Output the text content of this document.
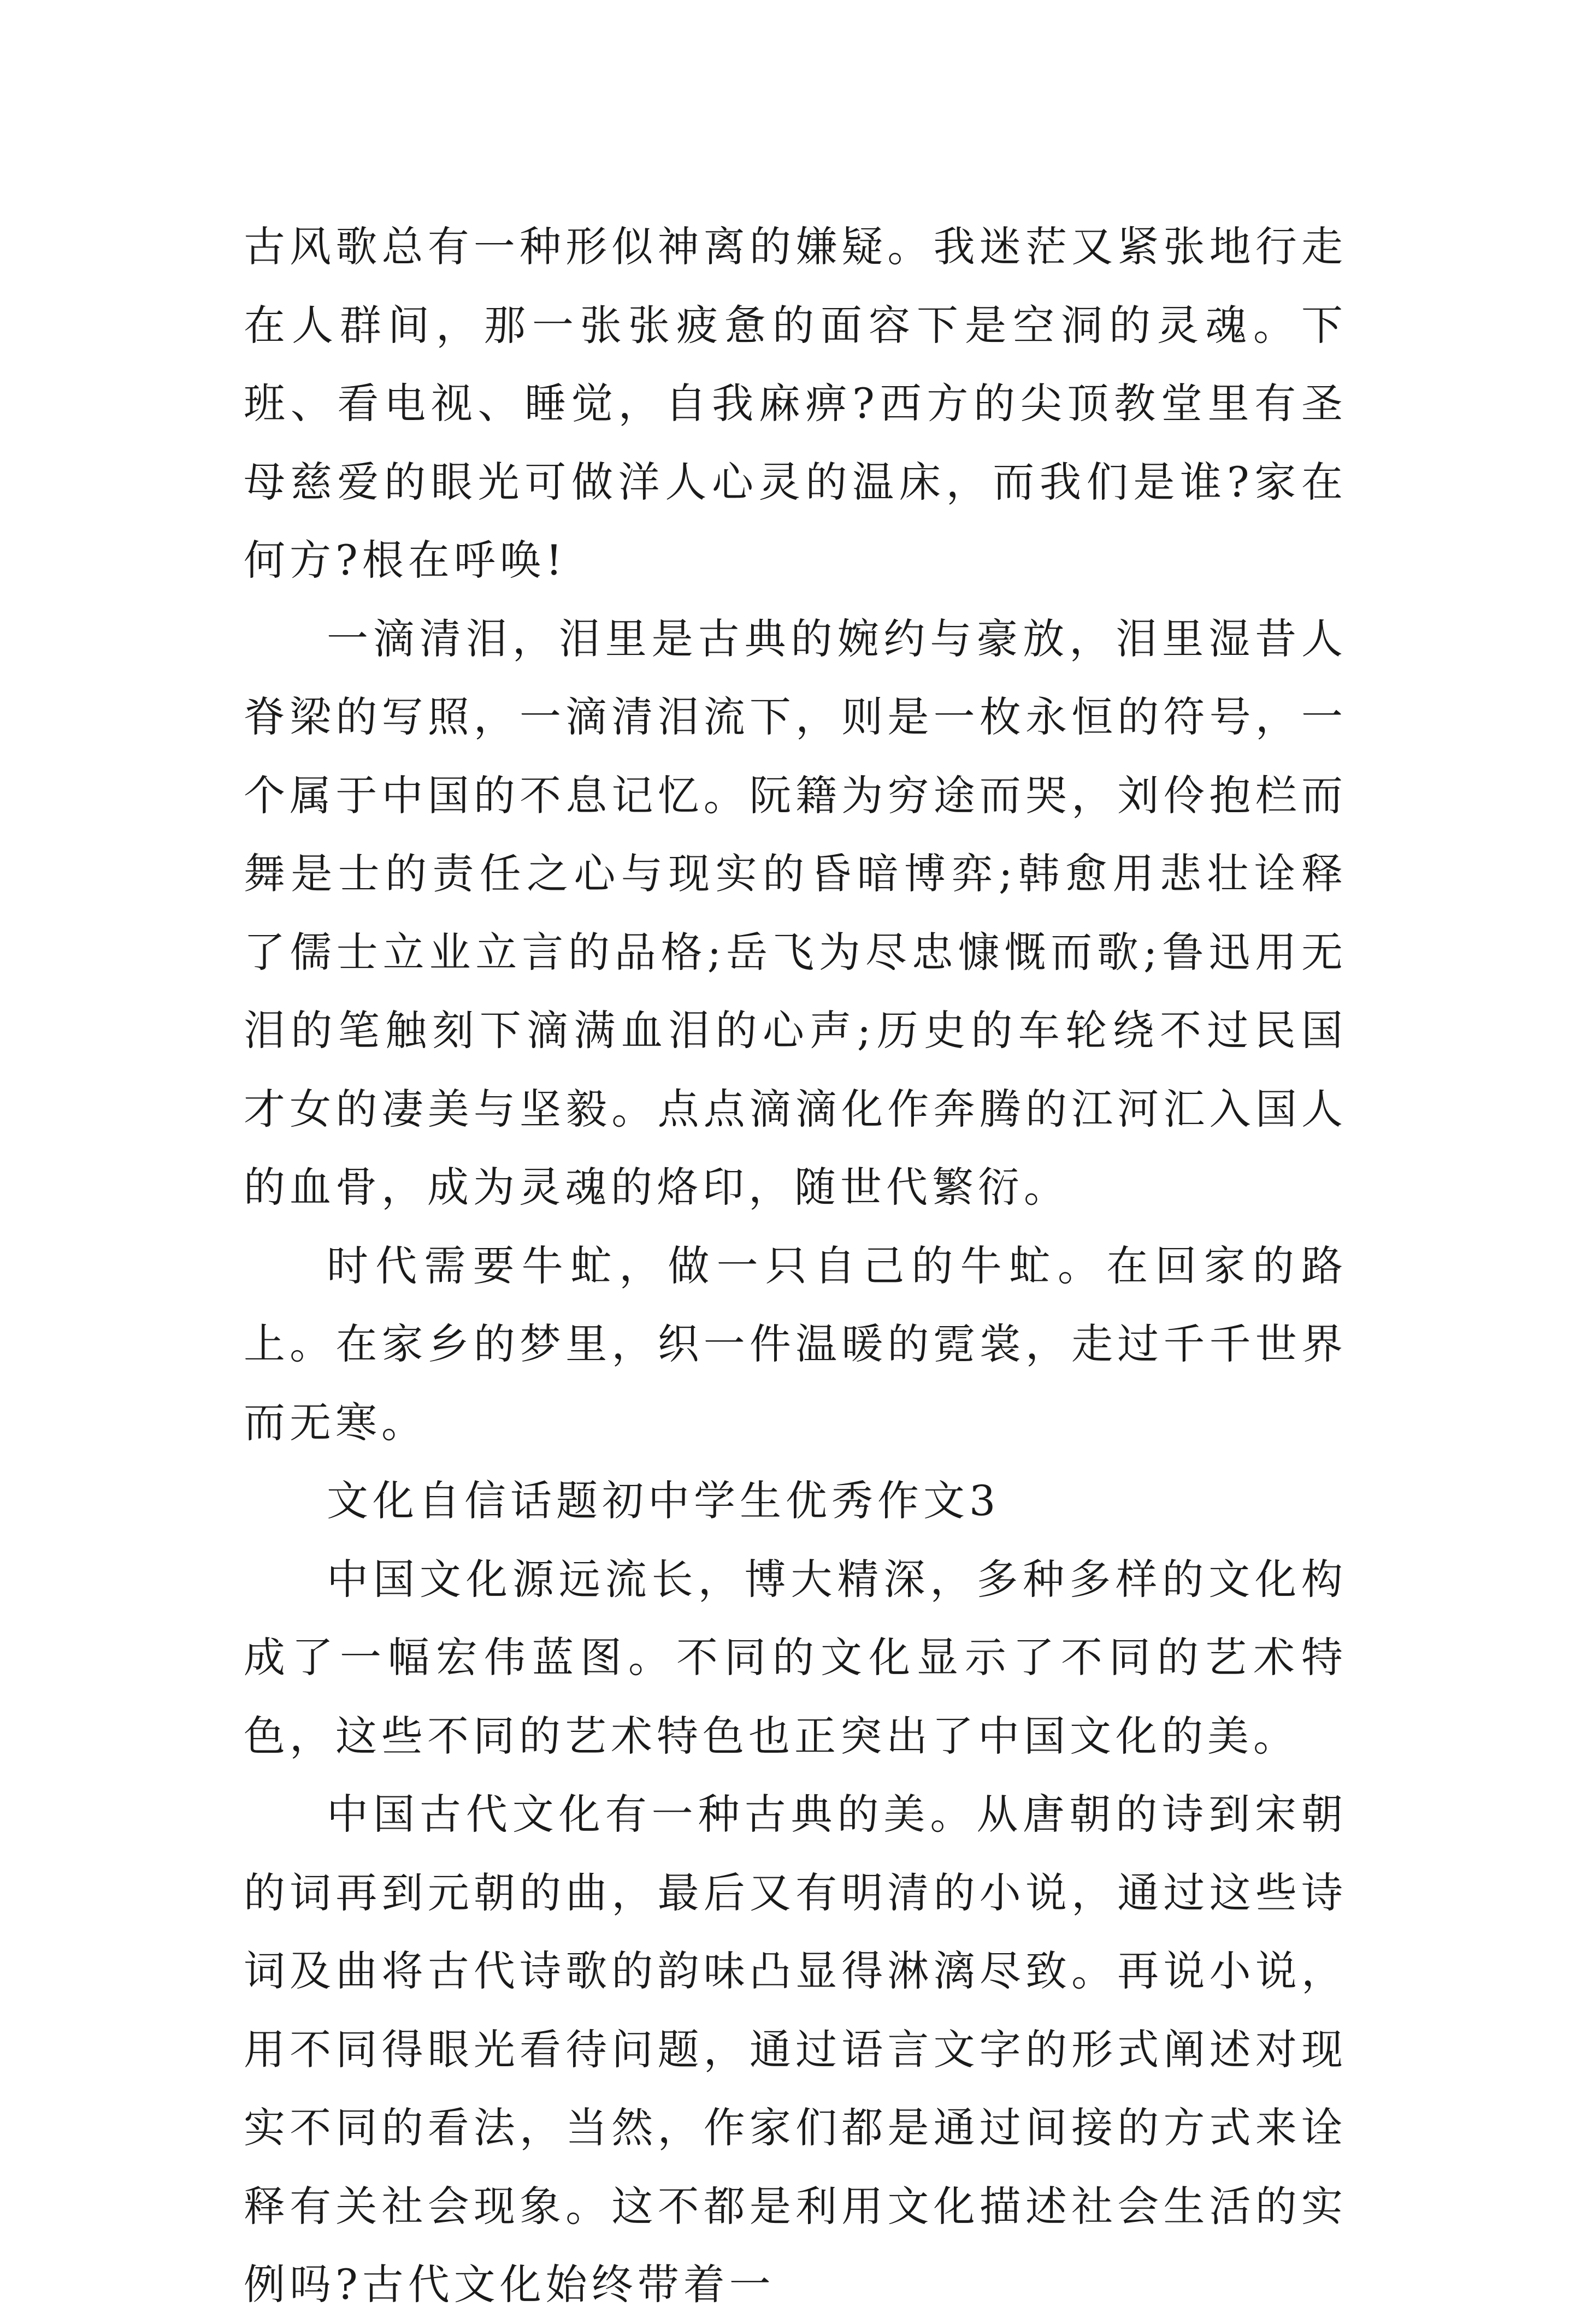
古风歌总有一种形似神离的嫌疑。我迷茫又紧张地行走在人群间，那一张张疲惫的面容下是空洞的灵魂。下班、看电视、睡觉，自我麻痹?西方的尖顶教堂里有圣母慈爱的眼光可做洋人心灵的温床，而我们是谁?家在何方?根在呼唤!

一滴清泪，泪里是古典的婉约与豪放，泪里湿昔人脊梁的写照，一滴清泪流下，则是一枚永恒的符号，一个属于中国的不息记忆。阮籍为穷途而哭，刘伶抱栏而舞是士的责任之心与现实的昏暗博弈;韩愈用悲壮诠释了儒士立业立言的品格;岳飞为尽忠慷慨而歌;鲁迅用无泪的笔触刻下滴满血泪的心声;历史的车轮绕不过民国才女的凄美与坚毅。点点滴滴化作奔腾的江河汇入国人的血骨，成为灵魂的烙印，随世代繁衍。

时代需要牛虻，做一只自己的牛虻。在回家的路上。在家乡的梦里，织一件温暖的霓裳，走过千千世界而无寒。

文化自信话题初中学生优秀作文3

中国文化源远流长，博大精深，多种多样的文化构成了一幅宏伟蓝图。不同的文化显示了不同的艺术特色，这些不同的艺术特色也正突出了中国文化的美。

中国古代文化有一种古典的美。从唐朝的诗到宋朝的词再到元朝的曲，最后又有明清的小说，通过这些诗词及曲将古代诗歌的韵味凸显得淋漓尽致。再说小说，用不同得眼光看待问题，通过语言文字的形式阐述对现实不同的看法，当然，作家们都是通过间接的方式来诠释有关社会现象。这不都是利用文化描述社会生活的实例吗?古代文化始终带着一
